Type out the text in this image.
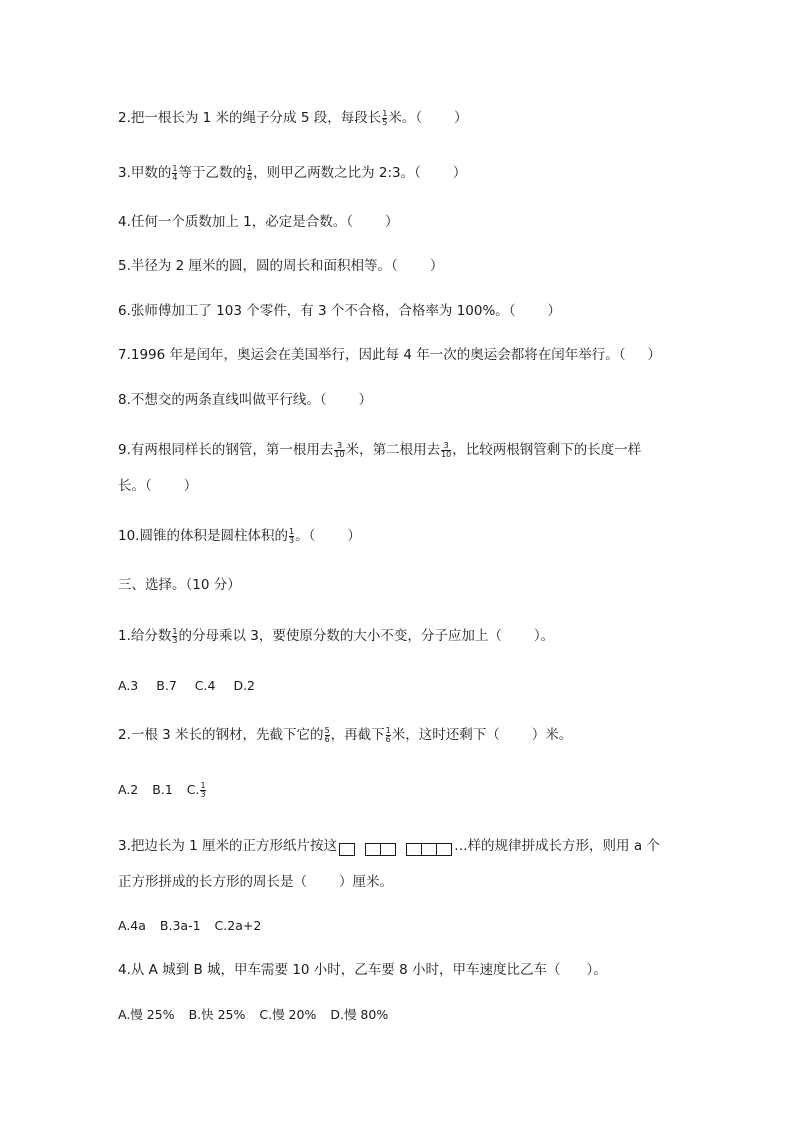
2.把一根长为 1 米的绳子分成 5 段，每段长 $\frac{1}{5}$ 米。（ ）
3.甲数的 $\frac{1}{4}$ 等于乙数的 $\frac{1}{6}$ ，则甲乙两数之比为 2:3。（ ）
4.任何一个质数加上 1，必定是合数。（ ）
5.半径为 2 厘米的圆，圆的周长和面积相等。（ ）
6.张师傅加工了 103 个零件，有 3 个不合格，合格率为 100%。（ ）
7.1996 年是闰年，奥运会在美国举行，因此每 4 年一次的奥运会都将在闰年举行。（ ）
8.不想交的两条直线叫做平行线。（ ）
9.有两根同样长的钢管，第一根用去 $\frac{3}{10}$ 米，第二根用去 $\frac{3}{10}$ ，比较两根钢管剩下的长度一样
长。（ ）
10.圆锥的体积是圆柱体积的 $\frac{1}{3}$ 。（ ）
三、选择。（10 分）
1.给分数 $\frac{1}{3}$ 的分母乘以 3，要使原分数的大小不变，分子应加上（ ）。
A.3 B.7 C.4 D.2
2.一根 3 米长的钢材，先截下它的 $\frac{5}{6}$ ，再截下 $\frac{1}{6}$ 米，这时还剩下（ ）米。
A.2 B.1 C. $\frac{1}{3}$
3.把边长为 1 厘米的正方形纸片按这	…样的规律拼成长方形，则用 a 个
正方形拼成的长方形的周长是（ ）厘米。
A.4a B.3a-1 C.2a+2
4.从 A 城到 B 城，甲车需要 10 小时，乙车要 8 小时，甲车速度比乙车（ ）。
A.慢 25% B.快 25% C.慢 20% D.慢 80%
